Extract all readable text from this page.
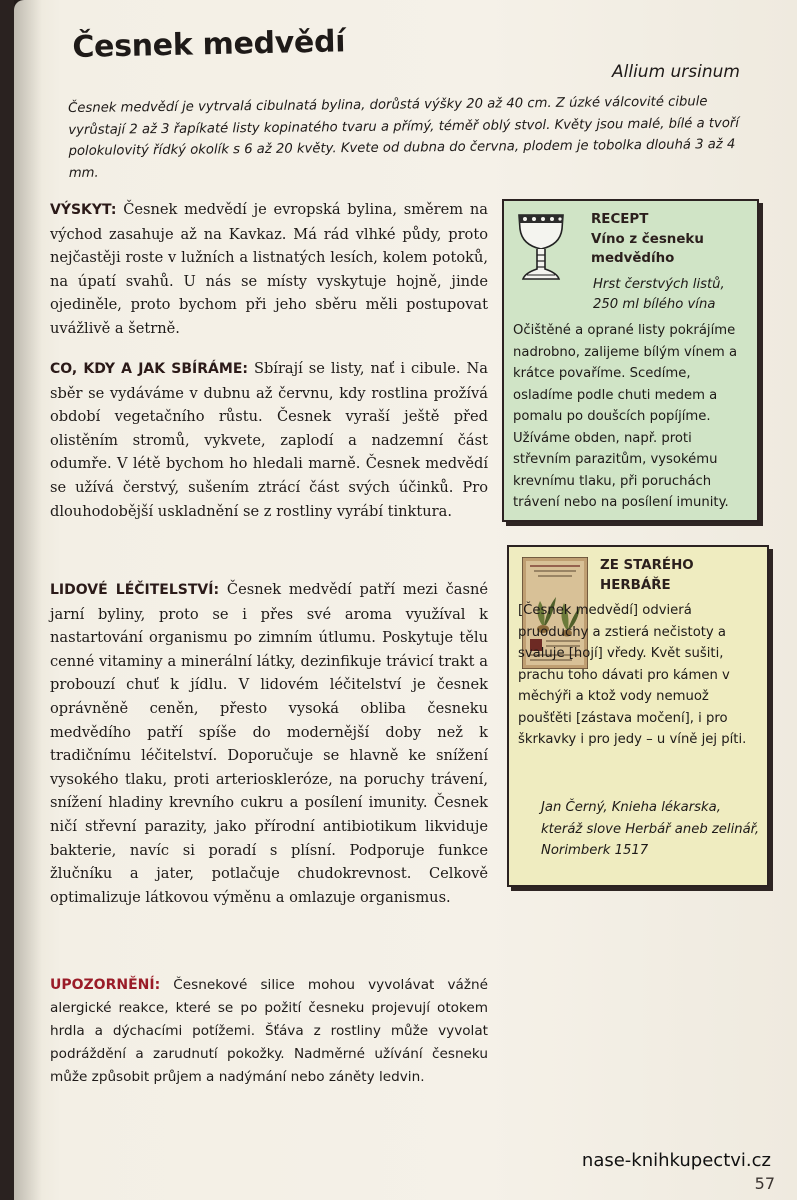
Česnek medvědí
Allium ursinum
Česnek medvědí je vytrvalá cibulnatá bylina, dorůstá výšky 20 až 40 cm. Z úzké válcovité cibule vyrůstají 2 až 3 řapíkaté listy kopinatého tvaru a přímý, téměř oblý stvol. Květy jsou malé, bílé a tvoří polokulovitý řídký okolík s 6 až 20 květy. Kvete od dubna do června, plodem je tobolka dlouhá 3 až 4 mm.
VÝSKYT: Česnek medvědí je evropská bylina, směrem na východ zasahuje až na Kavkaz. Má rád vlhké půdy, proto nejčastěji roste v lužních a listnatých lesích, kolem potoků, na úpatí svahů. U nás se místy vyskytuje hojně, jinde ojediněle, proto bychom při jeho sběru měli postupovat uvážlivě a šetrně.
CO, KDY A JAK SBÍRÁME: Sbírají se listy, nať i cibule. Na sběr se vydáváme v dubnu až červnu, kdy rostlina prožívá období vegetačního růstu. Česnek vyraší ještě před olistěním stromů, vykvete, zaplodí a nadzemní část odumře. V létě bychom ho hledali marně. Česnek medvědí se užívá čerstvý, sušením ztrácí část svých účinků. Pro dlouhodobější uskladnění se z rostliny vyrábí tinktura.
LIDOVÉ LÉČITELSTVÍ: Česnek medvědí patří mezi časné jarní byliny, proto se i přes své aroma využíval k nastartování organismu po zimním útlumu. Poskytuje tělu cenné vitaminy a minerální látky, dezinfikuje trávicí trakt a probouzí chuť k jídlu. V lidovém léčitelství je česnek oprávněně ceněn, přesto vysoká obliba česneku medvědího patří spíše do modernější doby než k tradičnímu léčitelství. Doporučuje se hlavně ke snížení vysokého tlaku, proti arterioskleróze, na poruchy trávení, snížení hladiny krevního cukru a posílení imunity. Česnek ničí střevní parazity, jako přírodní antibiotikum likviduje bakterie, navíc si poradí s plísní. Podporuje funkce žlučníku a jater, potlačuje chudokrevnost. Celkově optimalizuje látkovou výměnu a omlazuje organismus.
UPOZORNĚNÍ: Česnekové silice mohou vyvolávat vážné alergické reakce, které se po požití česneku projevují otokem hrdla a dýchacími potížemi. Šťáva z rostliny může vyvolat podráždění a zarudnutí pokožky. Nadměrné užívání česneku může způsobit průjem a nadýmání nebo záněty ledvin.
RECEPT
Víno z česneku medvědího
Hrst čerstvých listů,
250 ml bílého vína
Očištěné a oprané listy pokrájíme nadrobno, zalijeme bílým vínem a krátce povaříme. Scedíme, osladíme podle chuti medem a pomalu po doušcích popíjíme. Užíváme obden, např. proti střevním parazitům, vysokému krevnímu tlaku, při poruchách trávení nebo na posílení imunity.
ZE STARÉHO
HERBÁŘE
[Česnek medvědí] odvierá pruoduchy a zstierá nečistoty a svaluje [hojí] vředy. Květ sušiti, prachu toho dávati pro kámen v měchýři a ktož vody nemuož poušťěti [zástava močení], i pro škrkavky i pro jedy – u víně jej píti.
Jan Černý, Knieha lékarska, kteráž slove Herbář aneb zelinář, Norimberk 1517
nase-knihkupectvi.cz
57
